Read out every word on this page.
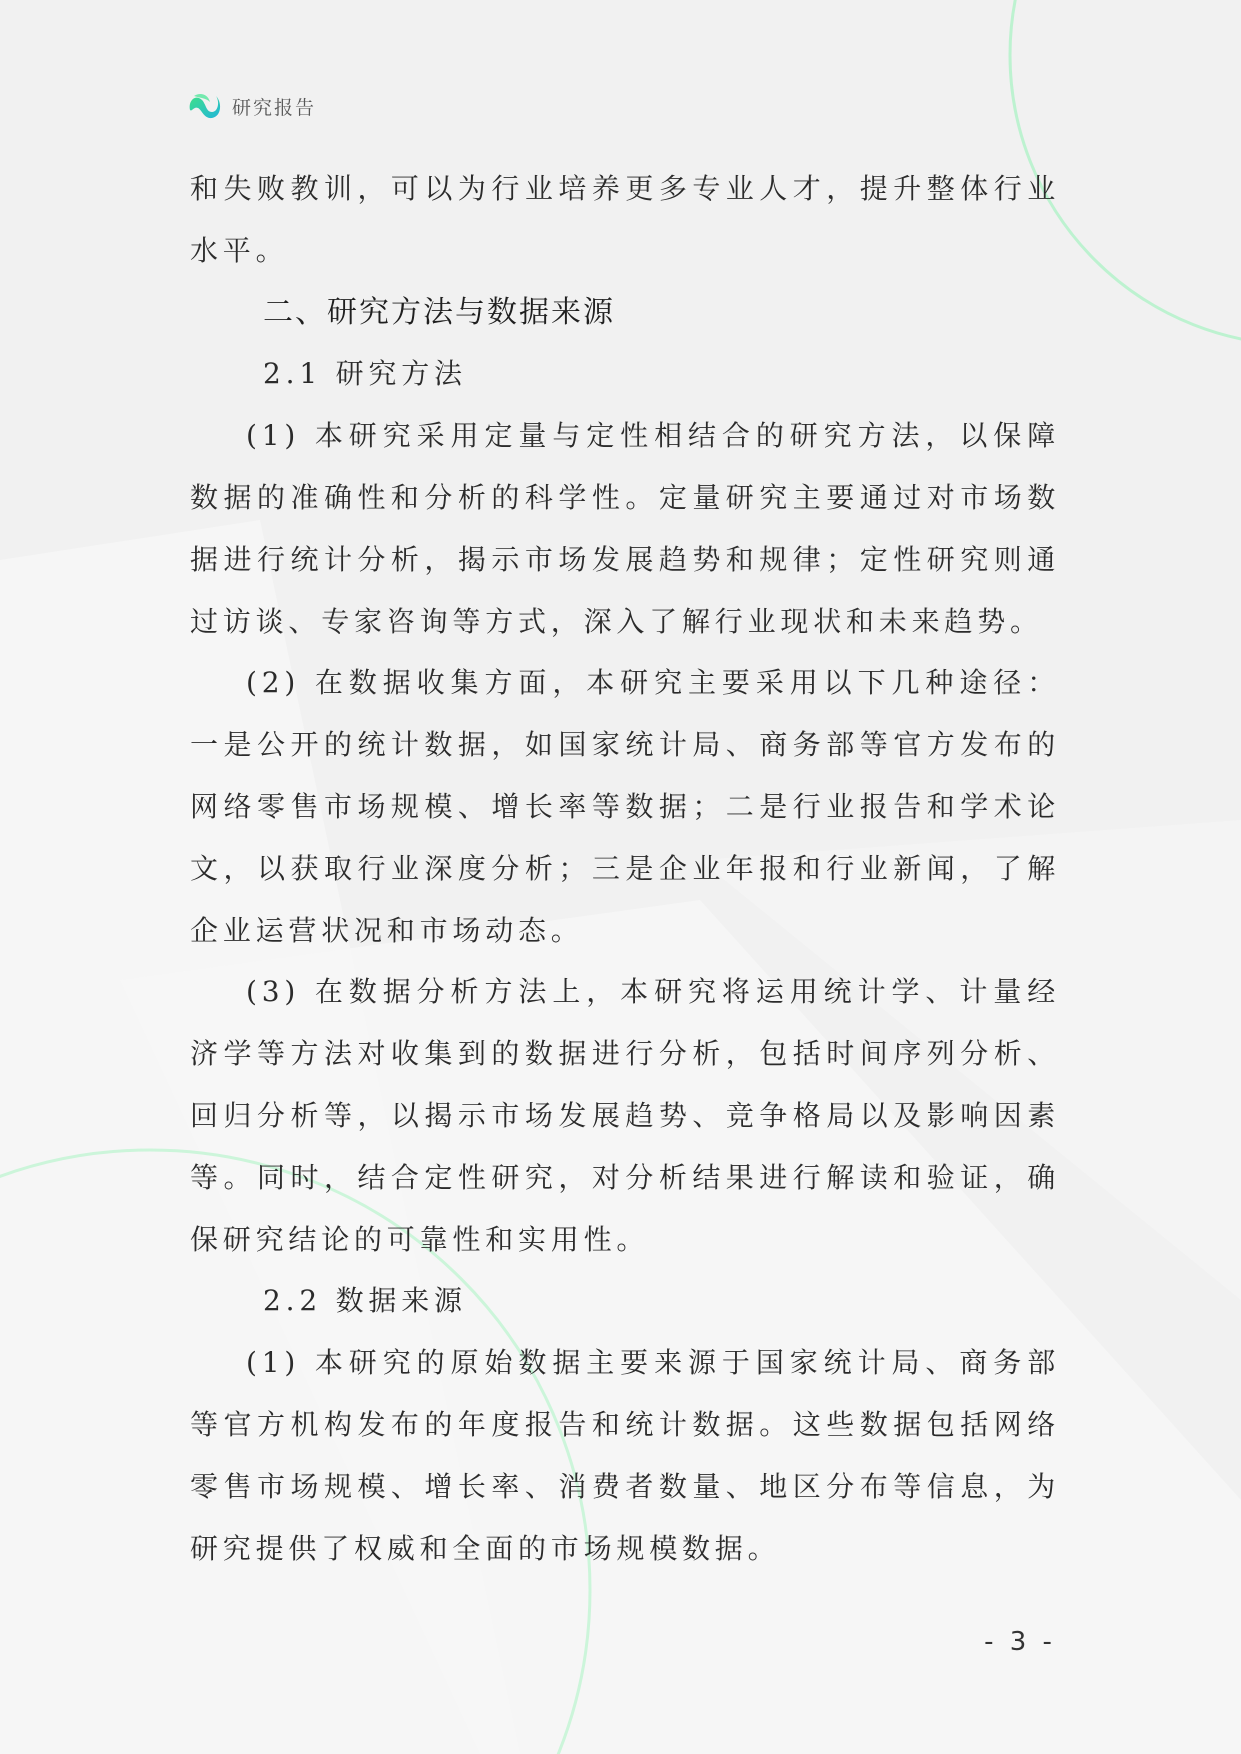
研究报告

和失败教训，可以为行业培养更多专业人才，提升整体行业水平。

二、研究方法与数据来源
2.1 研究方法

(1) 本研究采用定量与定性相结合的研究方法，以保障数据的准确性和分析的科学性。定量研究主要通过对市场数据进行统计分析，揭示市场发展趋势和规律；定性研究则通过访谈、专家咨询等方式，深入了解行业现状和未来趋势。

(2) 在数据收集方面，本研究主要采用以下几种途径：一是公开的统计数据，如国家统计局、商务部等官方发布的网络零售市场规模、增长率等数据；二是行业报告和学术论文，以获取行业深度分析；三是企业年报和行业新闻，了解企业运营状况和市场动态。

(3) 在数据分析方法上，本研究将运用统计学、计量经济学等方法对收集到的数据进行分析，包括时间序列分析、回归分析等，以揭示市场发展趋势、竞争格局以及影响因素等。同时，结合定性研究，对分析结果进行解读和验证，确保研究结论的可靠性和实用性。

2.2 数据来源

(1) 本研究的原始数据主要来源于国家统计局、商务部等官方机构发布的年度报告和统计数据。这些数据包括网络零售市场规模、增长率、消费者数量、地区分布等信息，为研究提供了权威和全面的市场规模数据。

- 3 -
